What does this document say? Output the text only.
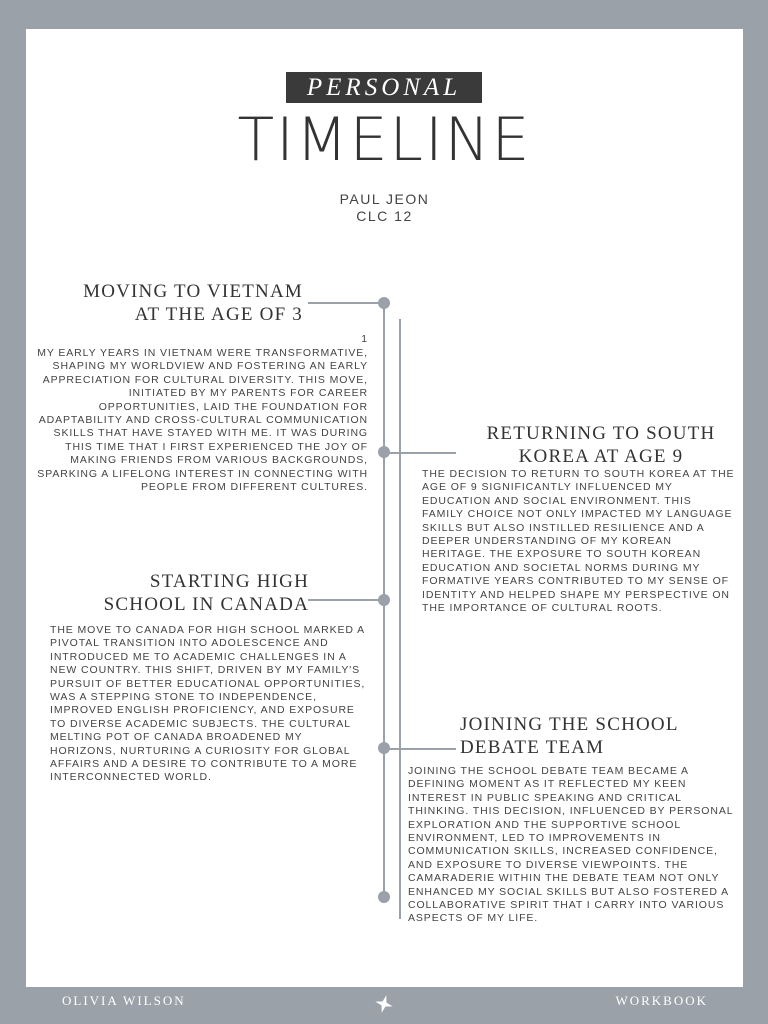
PERSONAL
TIMELINE
PAUL JEON
CLC 12
MOVING TO VIETNAM
AT THE AGE OF 3
1
MY EARLY YEARS IN VIETNAM WERE TRANSFORMATIVE, SHAPING MY WORLDVIEW AND FOSTERING AN EARLY APPRECIATION FOR CULTURAL DIVERSITY. THIS MOVE, INITIATED BY MY PARENTS FOR CAREER OPPORTUNITIES, LAID THE FOUNDATION FOR ADAPTABILITY AND CROSS-CULTURAL COMMUNICATION SKILLS THAT HAVE STAYED WITH ME. IT WAS DURING THIS TIME THAT I FIRST EXPERIENCED THE JOY OF MAKING FRIENDS FROM VARIOUS BACKGROUNDS, SPARKING A LIFELONG INTEREST IN CONNECTING WITH PEOPLE FROM DIFFERENT CULTURES.
RETURNING TO SOUTH
KOREA AT AGE 9
THE DECISION TO RETURN TO SOUTH KOREA AT THE AGE OF 9 SIGNIFICANTLY INFLUENCED MY EDUCATION AND SOCIAL ENVIRONMENT. THIS FAMILY CHOICE NOT ONLY IMPACTED MY LANGUAGE SKILLS BUT ALSO INSTILLED RESILIENCE AND A DEEPER UNDERSTANDING OF MY KOREAN HERITAGE. THE EXPOSURE TO SOUTH KOREAN EDUCATION AND SOCIETAL NORMS DURING MY FORMATIVE YEARS CONTRIBUTED TO MY SENSE OF IDENTITY AND HELPED SHAPE MY PERSPECTIVE ON THE IMPORTANCE OF CULTURAL ROOTS.
STARTING HIGH
SCHOOL IN CANADA
THE MOVE TO CANADA FOR HIGH SCHOOL MARKED A PIVOTAL TRANSITION INTO ADOLESCENCE AND INTRODUCED ME TO ACADEMIC CHALLENGES IN A NEW COUNTRY. THIS SHIFT, DRIVEN BY MY FAMILY'S PURSUIT OF BETTER EDUCATIONAL OPPORTUNITIES, WAS A STEPPING STONE TO INDEPENDENCE, IMPROVED ENGLISH PROFICIENCY, AND EXPOSURE TO DIVERSE ACADEMIC SUBJECTS. THE CULTURAL MELTING POT OF CANADA BROADENED MY HORIZONS, NURTURING A CURIOSITY FOR GLOBAL AFFAIRS AND A DESIRE TO CONTRIBUTE TO A MORE INTERCONNECTED WORLD.
JOINING THE SCHOOL
DEBATE TEAM
JOINING THE SCHOOL DEBATE TEAM BECAME A DEFINING MOMENT AS IT REFLECTED MY KEEN INTEREST IN PUBLIC SPEAKING AND CRITICAL THINKING. THIS DECISION, INFLUENCED BY PERSONAL EXPLORATION AND THE SUPPORTIVE SCHOOL ENVIRONMENT, LED TO IMPROVEMENTS IN COMMUNICATION SKILLS, INCREASED CONFIDENCE, AND EXPOSURE TO DIVERSE VIEWPOINTS. THE CAMARADERIE WITHIN THE DEBATE TEAM NOT ONLY ENHANCED MY SOCIAL SKILLS BUT ALSO FOSTERED A COLLABORATIVE SPIRIT THAT I CARRY INTO VARIOUS ASPECTS OF MY LIFE.
OLIVIA WILSON	WORKBOOK
